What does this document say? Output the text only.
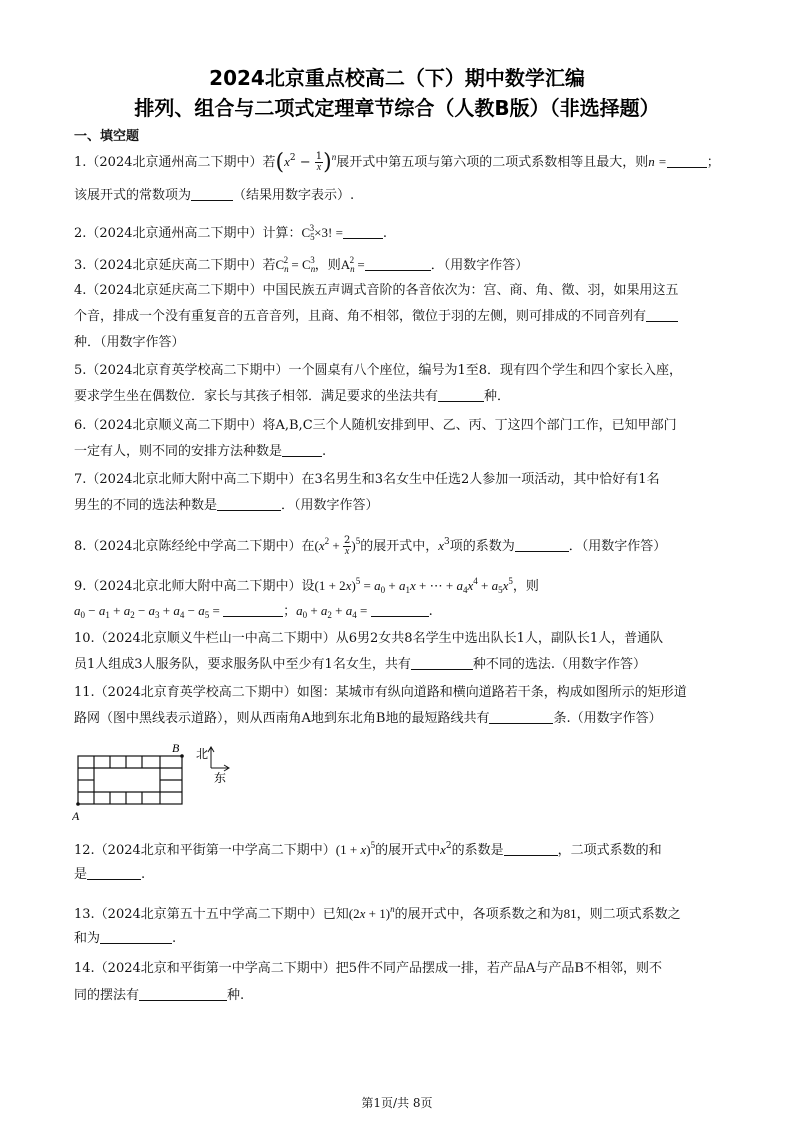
2024北京重点校高二（下）期中数学汇编
排列、组合与二项式定理章节综合（人教B版）（非选择题）
一、填空题
1.（2024北京通州高二下期中）若$(x^2 - \frac{1}{x} )^n$展开式中第五项与第六项的二项式系数相等且最大，则n =	；
该展开式的常数项为	（结果用数字表示）.
2.（2024北京通州高二下期中）计算：$C_5^3\times 3$! =	.
3.（2024北京延庆高二下期中）若$C_n^2 = C_n^3$，则$A_n^2$ =	．（用数字作答）
4.（2024北京延庆高二下期中）中国民族五声调式音阶的各音依次为：宫、商、角、徵、羽，如果用这五
个音，排成一个没有重复音的五音音列，且商、角不相邻，徵位于羽的左侧，则可排成的不同音列有
种．（用数字作答）
5.（2024北京育英学校高二下期中）一个圆桌有八个座位，编号为1至8．现有四个学生和四个家长入座，
要求学生坐在偶数位．家长与其孩子相邻．满足要求的坐法共有	种．
6.（2024北京顺义高二下期中）将A,B,C三个人随机安排到甲、乙、丙、丁这四个部门工作，已知甲部门
一定有人，则不同的安排方法种数是	.
7.（2024北京北师大附中高二下期中）在3名男生和3名女生中任选2人参加一项活动，其中恰好有1名
男生的不同的选法种数是	．（用数字作答）
8.（2024北京陈经纶中学高二下期中）在$(x^2 + \frac{2}{x} )^5$的展开式中，$x^3$项的系数为	．（用数字作答）
9.（2024北京北师大附中高二下期中）设$(1 + 2x)^5 = a_0 + a_1x$ + ⋯ + $a_4x^4 + a_5x^5$，则
$a_0 - a_1 + a_2 - a_3 + a_4 - a_5$ =	；$a_0 + a_2 + a_4$ =	.
10.（2024北京顺义牛栏山一中高二下期中）从6男2女共8名学生中选出队长1人，副队长1人，普通队
员1人组成3人服务队，要求服务队中至少有1名女生，共有	种不同的选法.（用数字作答）
11.（2024北京育英学校高二下期中）如图：某城市有纵向道路和横向道路若干条，构成如图所示的矩形道
路网（图中黑线表示道路），则从西南角A地到东北角B地的最短路线共有	条.（用数字作答）
A
B 北
东
12.（2024北京和平街第一中学高二下期中）$(1 + x)^5$的展开式中$x^2$的系数是	，二项式系数的和
是	.
13.（2024北京第五十五中学高二下期中）已知$(2x + 1)^n$的展开式中，各项系数之和为81，则二项式系数之
和为	.
14.（2024北京和平街第一中学高二下期中）把5件不同产品摆成一排，若产品A与产品B不相邻，则不
同的摆法有	种.
第1页/共 8页
